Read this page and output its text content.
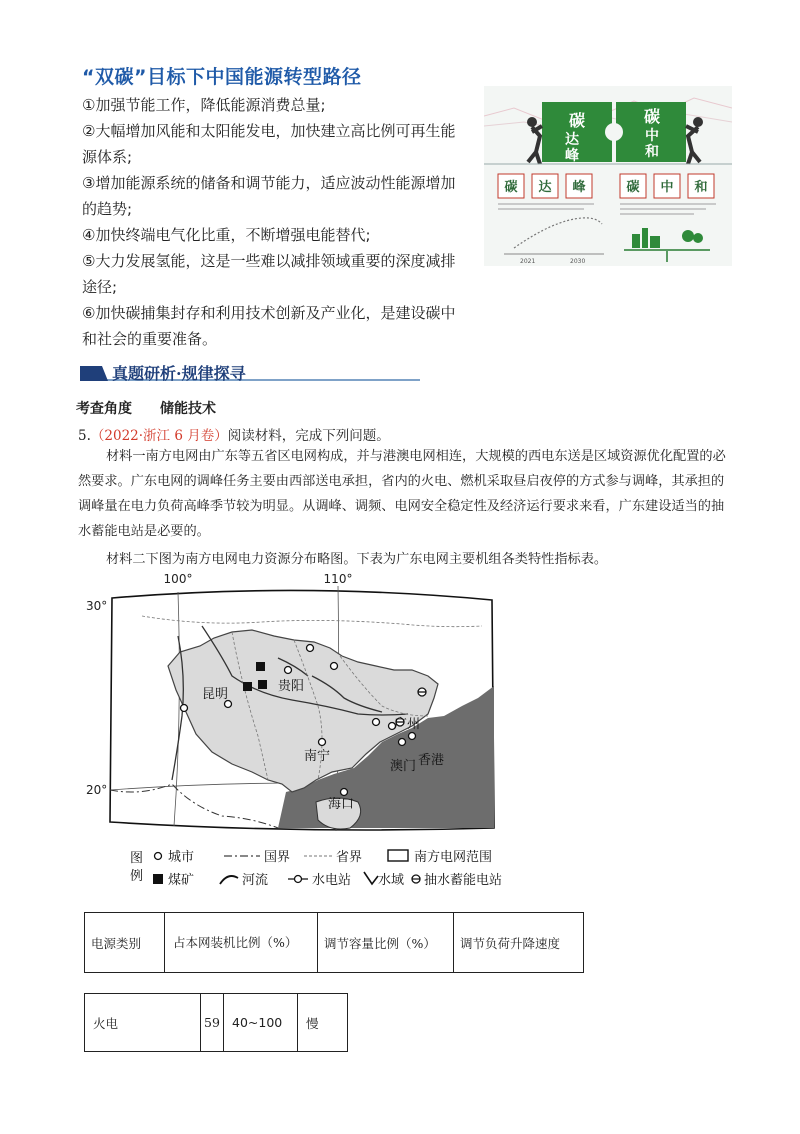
“双碳”目标下中国能源转型路径
①加强节能工作，降低能源消费总量;
②大幅增加风能和太阳能发电，加快建立高比例可再生能
源体系;
③增加能源系统的储备和调节能力，适应波动性能源增加
的趋势;
④加快终端电气化比重，不断增强电能替代;
⑤大力发展氢能，这是一些难以减排领域重要的深度减排
途径;
⑥加快碳捕集封存和利用技术创新及产业化，是建设碳中
和社会的重要准备。
碳
达
峰
碳
中
和
碳 达 峰	碳 中 和
2021	2030
真题研析·规律探寻
考查角度 储能技术
5.（2022·浙江 6 月卷）阅读材料，完成下列问题。
材料一南方电网由广东等五省区电网构成，并与港澳电网相连，大规模的西电东送是区域资源优化配置的必然要求。广东电网的调峰任务主要由西部送电承担，省内的火电、燃机采取昼启夜停的方式参与调峰，其承担的调峰量在电力负荷高峰季节较为明显。从调峰、调频、电网安全稳定性及经济运行要求来看，广东建设适当的抽水蓄能电站是必要的。
材料二下图为南方电网电力资源分布略图。下表为广东电网主要机组各类特性指标表。
100°	110°
30°
20°
昆明
贵阳
南宁
广州
香港
澳门
海口
图
例
城市	国界	省界	南方电网范围
煤矿	河流	水电站 水域 抽水蓄能电站
电源类别	占本网装机比例（%）	调节容量比例（%）	调节负荷升降速度
火电	59	40~100	慢
